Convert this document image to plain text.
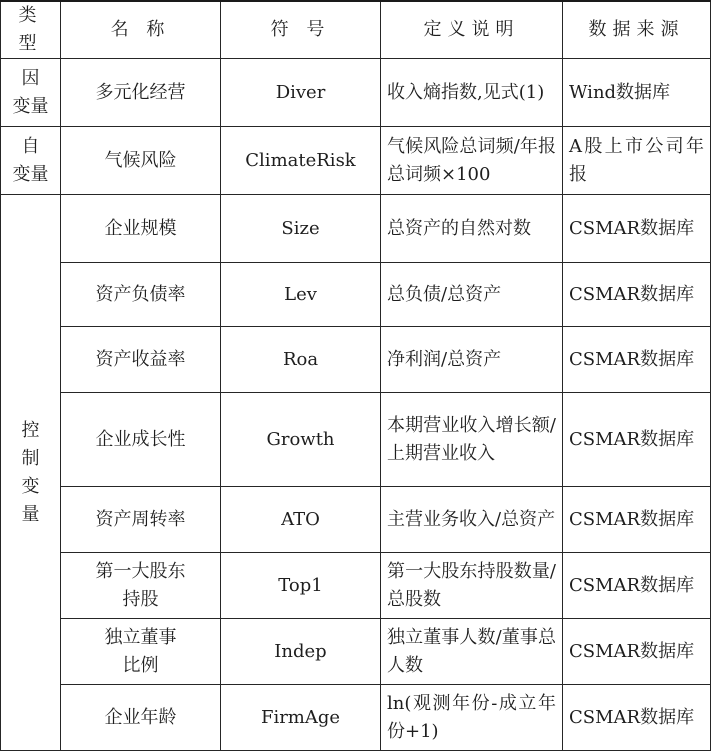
类型	名 称	符 号	定义说明	数据来源
因
变量	多元化经营	Diver	收入熵指数,见式(1)	Wind数据库
自
变量	气候风险	ClimateRisk	气候风险总词频/年报总词频×100	A股上市公司年报

控
制
变
量	企业规模	Size	总资产的自然对数	CSMAR数据库
	资产负债率	Lev	总负债/总资产	CSMAR数据库
	资产收益率	Roa	净利润/总资产	CSMAR数据库
	企业成长性	Growth	本期营业收入增长额/上期营业收入	CSMAR数据库
	资产周转率	ATO	主营业务收入/总资产	CSMAR数据库
	第一大股东
持股	Top1	第一大股东持股数量/总股数	CSMAR数据库
	独立董事
比例	Indep	独立董事人数/董事总人数	CSMAR数据库
	企业年龄	FirmAge	ln(观测年份-成立年份+1)	CSMAR数据库
